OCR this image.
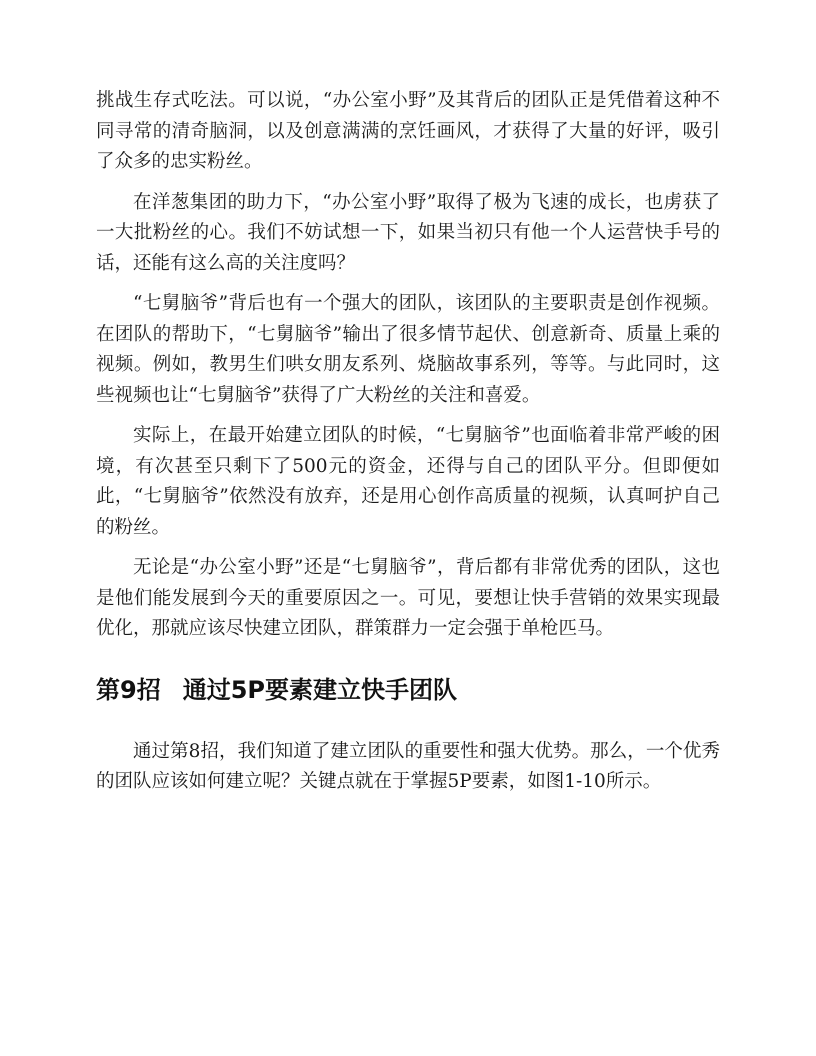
挑战生存式吃法。可以说，“办公室小野”及其背后的团队正是凭借着这种不同寻常的清奇脑洞，以及创意满满的烹饪画风，才获得了大量的好评，吸引了众多的忠实粉丝。

在洋葱集团的助力下，“办公室小野”取得了极为飞速的成长，也虏获了一大批粉丝的心。我们不妨试想一下，如果当初只有他一个人运营快手号的话，还能有这么高的关注度吗？

“七舅脑爷”背后也有一个强大的团队，该团队的主要职责是创作视频。在团队的帮助下，“七舅脑爷”输出了很多情节起伏、创意新奇、质量上乘的视频。例如，教男生们哄女朋友系列、烧脑故事系列，等等。与此同时，这些视频也让“七舅脑爷”获得了广大粉丝的关注和喜爱。

实际上，在最开始建立团队的时候，“七舅脑爷”也面临着非常严峻的困境，有次甚至只剩下了500元的资金，还得与自己的团队平分。但即便如此，“七舅脑爷”依然没有放弃，还是用心创作高质量的视频，认真呵护自己的粉丝。

无论是“办公室小野”还是“七舅脑爷”，背后都有非常优秀的团队，这也是他们能发展到今天的重要原因之一。可见，要想让快手营销的效果实现最优化，那就应该尽快建立团队，群策群力一定会强于单枪匹马。

第9招 通过5P要素建立快手团队

通过第8招，我们知道了建立团队的重要性和强大优势。那么，一个优秀的团队应该如何建立呢？关键点就在于掌握5P要素，如图1-10所示。
